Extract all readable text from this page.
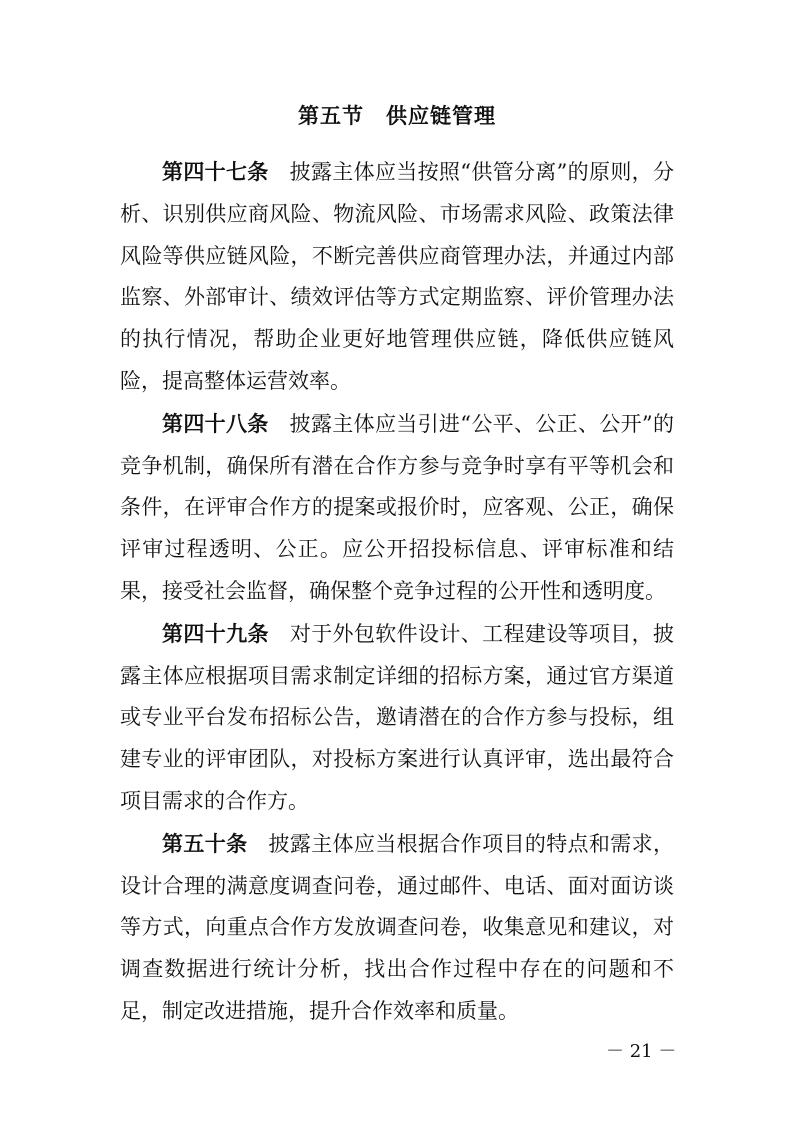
第五节　供应链管理

第四十七条 披露主体应当按照“供管分离”的原则，分析、识别供应商风险、物流风险、市场需求风险、政策法律风险等供应链风险，不断完善供应商管理办法，并通过内部监察、外部审计、绩效评估等方式定期监察、评价管理办法的执行情况，帮助企业更好地管理供应链，降低供应链风险，提高整体运营效率。

第四十八条 披露主体应当引进“公平、公正、公开”的竞争机制，确保所有潜在合作方参与竞争时享有平等机会和条件，在评审合作方的提案或报价时，应客观、公正，确保评审过程透明、公正。应公开招投标信息、评审标准和结果，接受社会监督，确保整个竞争过程的公开性和透明度。

第四十九条 对于外包软件设计、工程建设等项目，披露主体应根据项目需求制定详细的招标方案，通过官方渠道或专业平台发布招标公告，邀请潜在的合作方参与投标，组建专业的评审团队，对投标方案进行认真评审，选出最符合项目需求的合作方。

第五十条 披露主体应当根据合作项目的特点和需求，设计合理的满意度调查问卷，通过邮件、电话、面对面访谈等方式，向重点合作方发放调查问卷，收集意见和建议，对调查数据进行统计分析，找出合作过程中存在的问题和不足，制定改进措施，提升合作效率和质量。

－ 21 －
